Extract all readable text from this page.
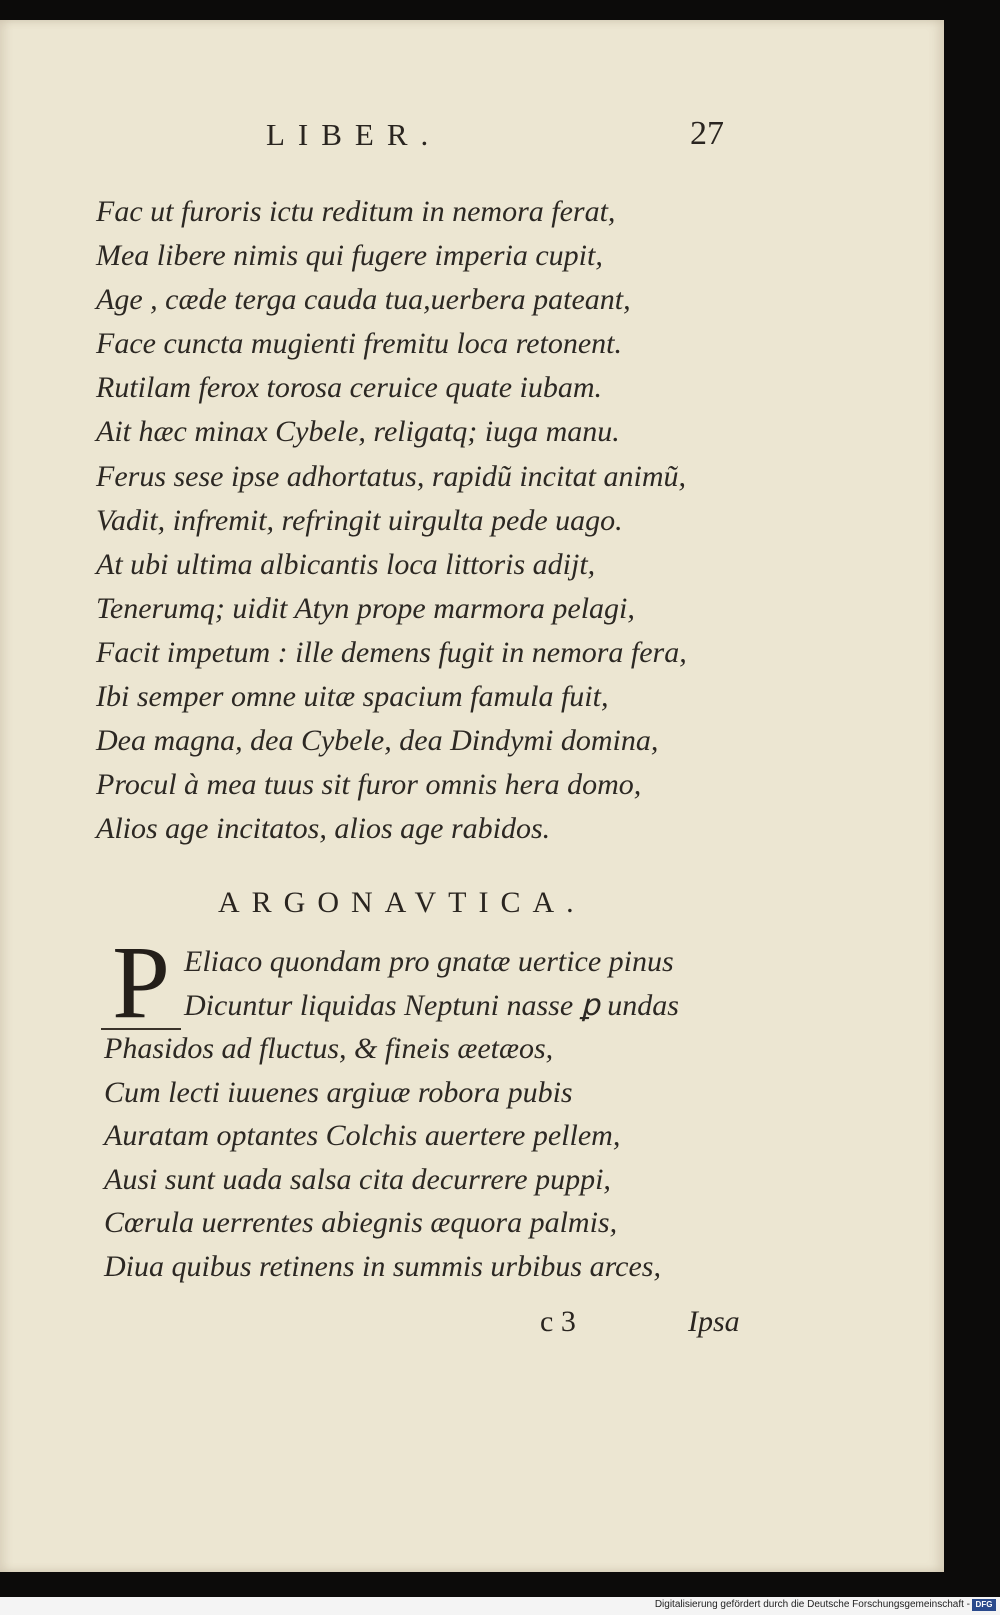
LIBER.	27
Fac ut furoris ictu reditum in nemora ferat,
Mea libere nimis qui fugere imperia cupit,
Age , cæde terga cauda tua,uerbera pateant,
Face cuncta mugienti fremitu loca retonent.
Rutilam ferox torosa ceruice quate iubam.
Ait hæc minax Cybele, religatq; iuga manu.
Ferus sese ipse adhortatus, rapidũ incitat animũ,
Vadit, infremit, refringit uirgulta pede uago.
At ubi ultima albicantis loca littoris adijt,
Tenerumq; uidit Atyn prope marmora pelagi,
Facit impetum : ille demens fugit in nemora fera,
Ibi semper omne uitæ spacium famula fuit,
Dea magna, dea Cybele, dea Dindymi domina,
Procul à mea tuus sit furor omnis hera domo,
Alios age incitatos, alios age rabidos.
ARGONAVTICA.
P Eliaco quondam pro gnatæ uertice pinus
Dicuntur liquidas Neptuni nasse ꝑ undas
Phasidos ad fluctus, & fineis æetæos,
Cum lecti iuuenes argiuæ robora pubis
Auratam optantes Colchis auertere pellem,
Ausi sunt uada salsa cita decurrere puppi,
Cœrula uerrentes abiegnis æquora palmis,
Diua quibus retinens in summis urbibus arces,
c 3	Ipsa
Digitalisierung gefördert durch die Deutsche Forschungsgemeinschaft - DFG
